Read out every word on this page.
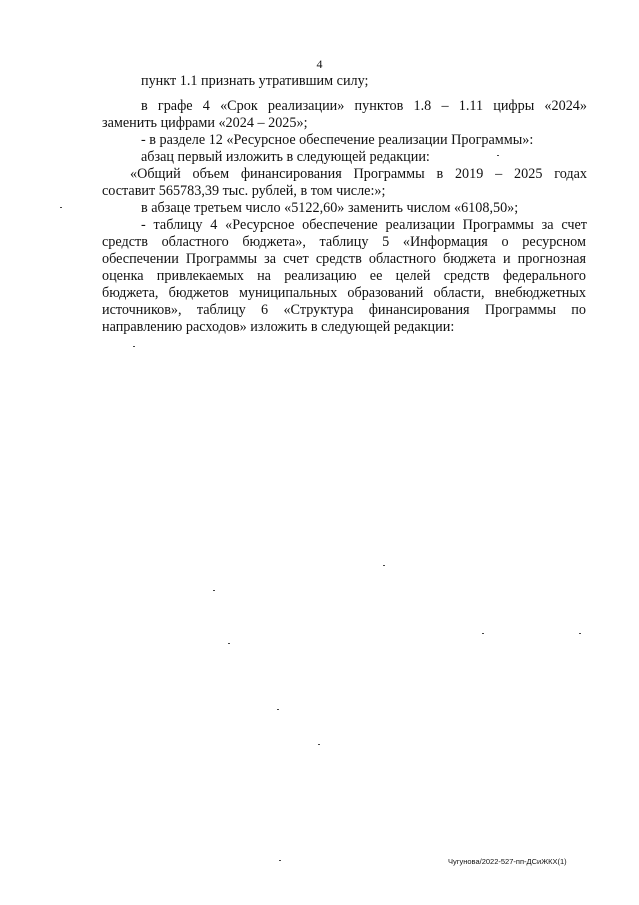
4
пункт 1.1 признать утратившим силу;
в графе 4 «Срок реализации» пунктов 1.8 – 1.11 цифры «2024»
заменить цифрами «2024 – 2025»;
- в разделе 12 «Ресурсное обеспечение реализации Программы»:
абзац первый изложить в следующей редакции:
«Общий объем финансирования Программы в 2019 – 2025 годах
составит 565783,39 тыс. рублей, в том числе:»;
в абзаце третьем число «5122,60» заменить числом «6108,50»;
- таблицу 4 «Ресурсное обеспечение реализации Программы за счет
средств областного бюджета», таблицу 5 «Информация о ресурсном
обеспечении Программы за счет средств областного бюджета и прогнозная
оценка привлекаемых на реализацию ее целей средств федерального
бюджета, бюджетов муниципальных образований области, внебюджетных
источников», таблицу 6 «Структура финансирования Программы по
направлению расходов» изложить в следующей редакции:
Чугунова/2022-527-пп-ДСиЖКХ(1)
